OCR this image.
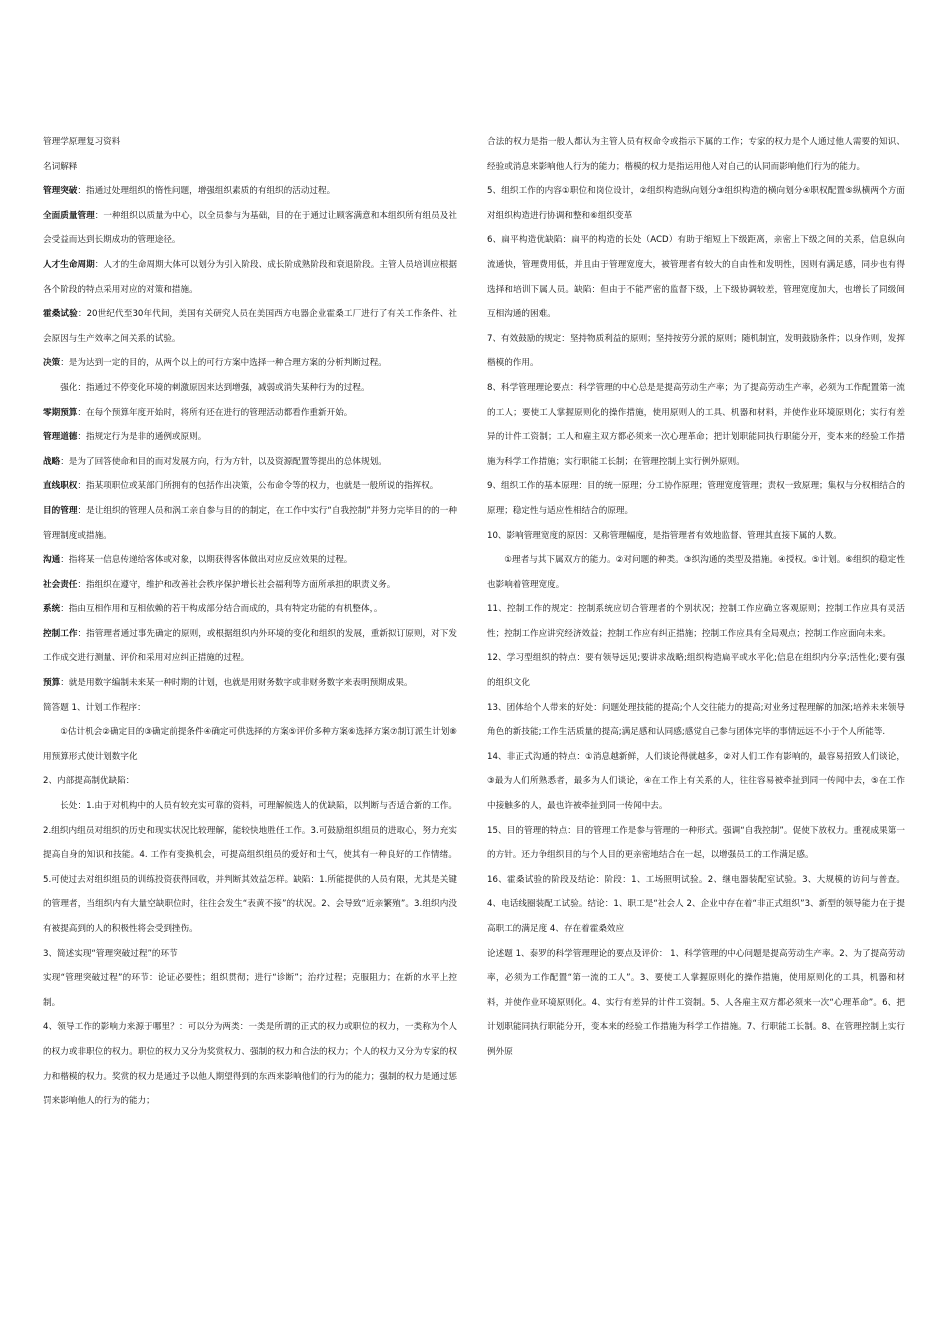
管理学原理复习资料

名词解释

管理突破：指通过处理组织的惰性问题，增强组织素质的有组织的活动过程。

全面质量管理：一种组织以质量为中心，以全员参与为基础，目的在于通过让顾客满意和本组织所有组员及社会受益而达到长期成功的管理途径。

人才生命周期：人才的生命周期大体可以划分为引入阶段、成长阶成熟阶段和衰退阶段。主管人员培训应根据各个阶段的特点采用对应的对策和措施。

霍桑试验：20世纪代至30年代间，美国有关研究人员在美国西方电器企业霍桑工厂进行了有关工作条件、社会原因与生产效率之间关系的试验。

决策：是为达到一定的目的，从两个以上的可行方案中选择一种合理方案的分析判断过程。

强化：指通过不停变化环境的刺激原因来达到增强，减弱或消失某种行为的过程。

零期预算：在每个预算年度开始时，将所有还在进行的管理活动都看作重新开始。

管理道德：指规定行为是非的通例或原则。

战略：是为了回答使命和目的而对发展方向，行为方针，以及资源配置等提出的总体规划。

直线职权：指某项职位或某部门所拥有的包括作出决策，公布命令等的权力，也就是一般所说的指挥权。

目的管理：是让组织的管理人员和涡工亲自参与目的的制定，在工作中实行“自我控制”并努力完毕目的的一种管理制度或措施。

沟通：指将某一信息传递给客体或对象，以期获得客体做出对应反应效果的过程。

社会责任：指组织在遵守，维护和改善社会秩序保护增长社会福利等方面所承担的职责义务。

系统：指由互相作用和互相依赖的若干构成部分结合而成的，具有特定功能的有机整体，。

控制工作：指管理者通过事先确定的原则，或根据组织内外环境的变化和组织的发展，重新拟订原则，对下发工作成交进行测量、评价和采用对应纠正措施的过程。

预算：就是用数字编制未来某一种时期的计划，也就是用财务数字或非财务数字来表明预期成果。

简答题 1、计划工作程序：

①估计机会②确定目的③确定前提条件④确定可供选择的方案⑤评价多种方案⑥选择方案⑦制订派生计划⑧用预算形式使计划数字化

2、内部提高制优缺陷：

长处：1.由于对机构中的人员有较充实可靠的资料，可理解候选人的优缺陷，以判断与否适合新的工作。2.组织内组员对组织的历史和现实状况比较理解，能较快地胜任工作。3.可鼓励组织组员的进取心，努力充实提高自身的知识和技能。4. 工作有变换机会，可提高组织组员的爱好和士气，使其有一种良好的工作情绪。5.可使过去对组织组员的训练投资获得回收，并判断其效益怎样。缺陷：1.所能提供的人员有限，尤其是关键的管理者，当组织内有大量空缺职位时，往往会发生“表黄不接”的状况。2、会导致“近亲繁殖”。3.组织内没有被提高到的人的积极性将会受到挫伤。

3、简述实现“管理突破过程”的环节

实现“管理突破过程”的环节：论证必要性；组织贯彻；进行“诊断”；治疗过程；克服阻力；在新的水平上控制。

4、领导工作的影响力来源于哪里？：可以分为两类：一类是所谓的正式的权力或职位的权力，一类称为个人的权力或非职位的权力。职位的权力又分为奖赏权力、强制的权力和合法的权力；个人的权力又分为专家的权力和楷模的权力。奖赏的权力是通过予以他人期望得到的东西来影响他们的行为的能力；强制的权力是通过惩罚来影响他人的行为的能力；

合法的权力是指一般人都认为主管人员有权命令或指示下属的工作；专家的权力是个人通过他人需要的知识、经验或消息来影响他人行为的能力；楷模的权力是指运用他人对自己的认同而影响他们行为的能力。

5、组织工作的内容①职位和岗位设计，②组织构造纵向划分③组织构造的横向划分④职权配置⑤纵横两个方面对组织构造进行协调和整和⑥组织变革

6、扁平构造优缺陷：扁平的构造的长处（ACD）有助于缩短上下级距离，亲密上下级之间的关系，信息纵向流通快，管理费用低，并且由于管理宽度大，被管理者有较大的自由性和发明性，因则有满足感，同步也有得选择和培训下属人员。缺陷：但由于不能严密的监督下级，上下级协调较差，管理宽度加大，也增长了同级间互相沟通的困难。

7、有效鼓励的规定：坚持物质利益的原则；坚持按劳分派的原则；随机制宜，发明鼓励条件；以身作则，发挥楷模的作用。

8、科学管理理论要点：科学管理的中心总是是提高劳动生产率；为了提高劳动生产率，必须为工作配置第一流的工人；要使工人掌握原则化的操作措施，使用原则人的工具、机器和材料，并使作业环境原则化；实行有差异的计件工资制；工人和雇主双方都必须来一次心理革命；把计划职能同执行职能分开，变本来的经验工作措施为科学工作措施；实行职能工长制；在管理控制上实行例外原则。

9、组织工作的基本原理：目的统一原理；分工协作原理；管理宽度管理；责权一致原理；集权与分权相结合的原理；稳定性与适应性相结合的原理。

10、影响管理宽度的原因：又称管理幅度，是指管理者有效地监督、管理其直接下属的人数。

①理者与其下属双方的能力。②对问题的种类。③织沟通的类型及措施。④授权。⑤计划。⑥组织的稳定性也影响着管理宽度。

11、控制工作的规定：控制系统应切合管理者的个别状况；控制工作应确立客观原则；控制工作应具有灵活性；控制工作应讲究经济效益；控制工作应有纠正措施；控制工作应具有全局观点；控制工作应面向未来。

12、学习型组织的特点：要有领导远见;要讲求战略;组织构造扁平或水平化;信息在组织内分享;活性化;要有强的组织文化

13、团体给个人带来的好处：问题处理技能的提高;个人交往能力的提高;对业务过程理解的加深;培养未来领导角色的新技能;工作生活质量的提高;满足感和认同感;感觉自己参与团体完毕的事情远远不小于个人所能等.

14、非正式沟通的特点：①消息越新鲜，人们谈论得就越多，②对人们工作有影响的，最容易招致人们谈论，③最为人们所熟悉者，最多为人们谈论，④在工作上有关系的人，往往容易被牵扯到同一传闻中去，⑤在工作中接触多的人，最也许被牵扯到同一传闻中去。

15、目的管理的特点：目的管理工作是参与管理的一种形式。强调“自我控制”。促使下放权力。重视成果第一的方针。还力争组织目的与个人目的更亲密地结合在一起，以增强员工的工作满足感。

16、霍桑试验的阶段及结论：阶段：1、工场照明试验。2、继电器装配室试验。3、大规模的访问与普查。4、电话线圈装配工试验。结论：1、职工是“社会人 2、企业中存在着“非正式组织”3、新型的领导能力在于提高职工的满足度 4、存在着霍桑效应

论述题 1、泰罗的科学管理理论的要点及评价： 1、科学管理的中心问题是提高劳动生产率。2、为了提高劳动率，必须为工作配置“第一流的工人”。3、要使工人掌握原则化的操作措施，使用原则化的工具，机器和材料，并使作业环境原则化。4、实行有差异的计件工资制。5、人各雇主双方都必须来一次“心理革命”。6、把计划职能同执行职能分开，变本来的经验工作措施为科学工作措施。7、行职能工长制。8、在管理控制上实行例外原
